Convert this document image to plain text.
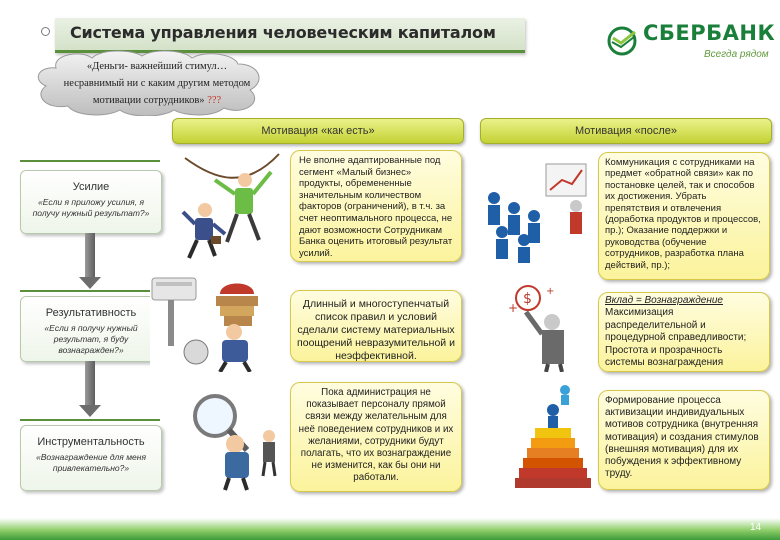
14
Система управления человеческим капиталом	СБЕРБАНК
Всегда рядом
«Деньги- важнейший стимул…
несравнимый ни с каким другим методом
мотивации сотрудников» ???
Мотивация «как есть»	Мотивация «после»
Усилие
«Если я приложу усилия, я получу нужный результат?»
Результативность
«Если я получу нужный результат, я буду вознагражден?»
Инструментальность
«Вознаграждение для меня привлекательно?»
Не вполне адаптированные под сегмент «Малый бизнес» продукты, обремененные значительным количеством факторов (ограничений), в т.ч. за счет неоптимального процесса, не дают возможности Сотрудникам Банка оценить итоговый результат усилий.
Длинный и многоступенчатый список правил и условий сделали систему материальных поощрений невразумительной и неэффективной.
Пока администрация не показывает персоналу прямой связи между желательным для неё поведением сотрудников и их желаниями, сотрудники будут полагать, что их вознаграждение не изменится, как бы они ни работали.
$
+
+
Коммуникация с сотрудниками на предмет «обратной связи» как по постановке целей, так и способов их достижения. Убрать препятствия и отвлечения (доработка продуктов и процессов, пр.); Оказание поддержки и руководства (обучение сотрудников, разработка плана действий, пр.);
Вклад = Вознаграждение
Максимизация распределительной и процедурной справедливости; Простота и прозрачность системы вознаграждения
Формирование процесса активизации индивидуальных мотивов сотрудника (внутренняя мотивация) и создания стимулов (внешняя мотивация) для их побуждения к эффективному труду.
